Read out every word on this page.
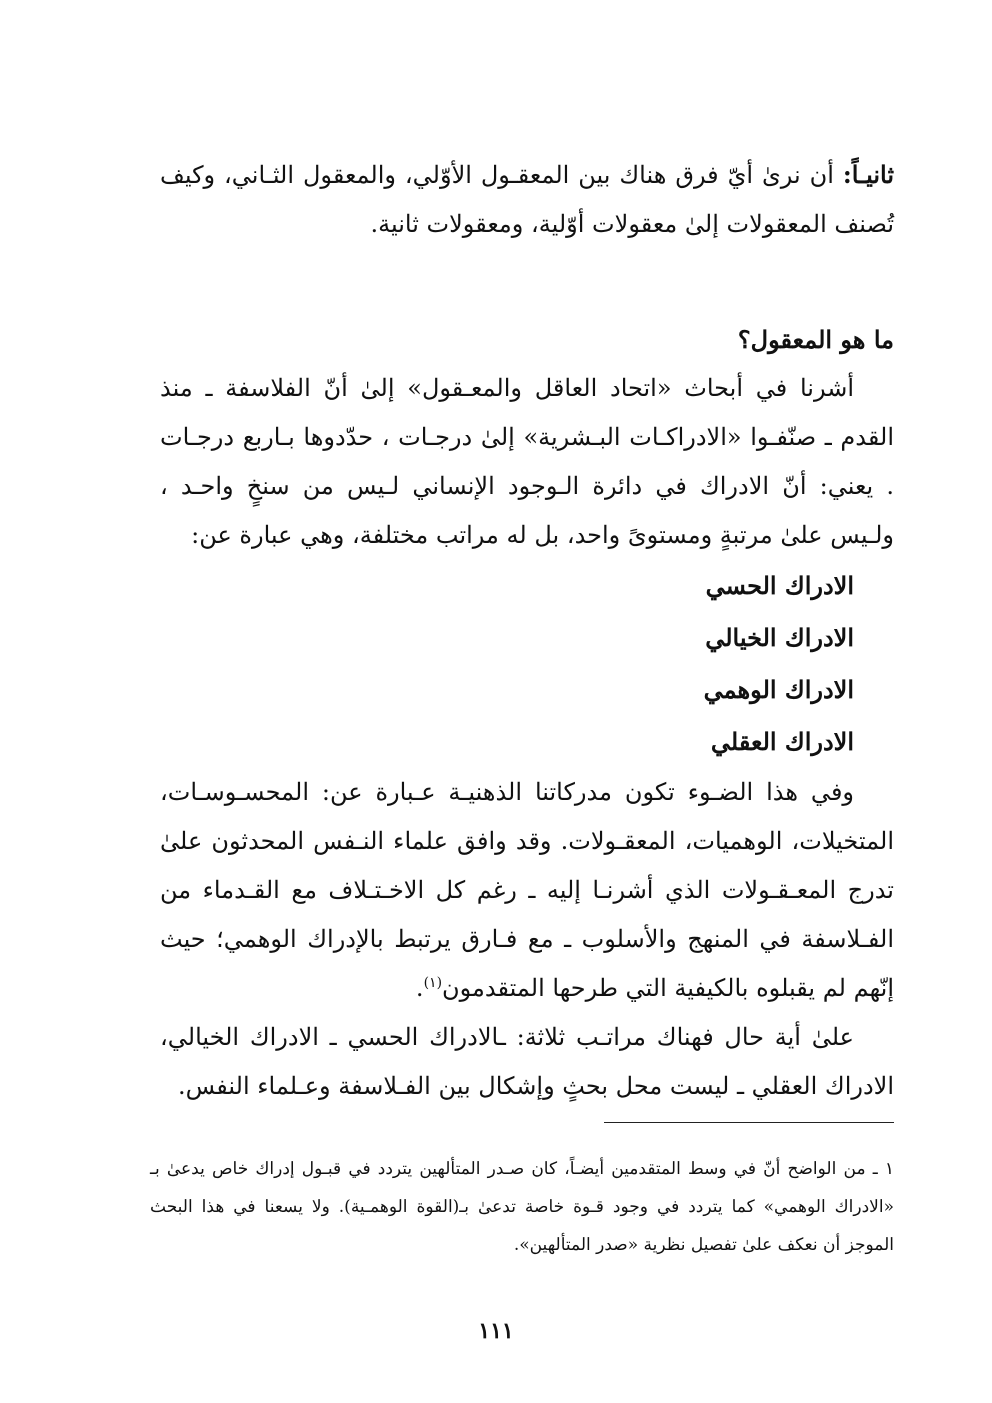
ثانيـاً: أن نرىٰ أيّ فرق هناك بين المعقـول الأوّلي، والمعقول الثـاني، وكيف تُصنف المعقولات إلىٰ معقولات أوّلية، ومعقولات ثانية.

ما هو المعقول؟

أشرنا في أبحاث «اتحاد العاقل والمعـقول» إلىٰ أنّ الفلاسفة ـ منذ القدم ـ صنّفـوا «الادراكـات البـشرية» إلىٰ درجـات ، حدّدوها بـاربع درجـات . يعني: أنّ الادراك في دائرة الـوجود الإنساني لـيس من سنخٍ واحـد ، ولـيس علىٰ مرتبةٍ ومستوىً واحد، بل له مراتب مختلفة، وهي عبارة عن:

الادراك الحسي
الادراك الخيالي
الادراك الوهمي
الادراك العقلي

وفي هذا الضـوء تكون مدركاتنا الذهنيـة عـبارة عن: المحسـوسـات، المتخيلات، الوهميات، المعقـولات. وقد وافق علماء النـفس المحدثون علىٰ تدرج المعـقـولات الذي أشرنـا إليه ـ رغم كل الاخـتـلاف مع القـدماء من الفـلاسفة في المنهج والأسلوب ـ مع فـارق يرتبط بالإدراك الوهمي؛ حيث إنّهم لم يقبلوه بالكيفية التي طرحها المتقدمون$^{(١)}$.

علىٰ أية حال فهناك مراتـب ثلاثة: ـالادراك الحسي ـ الادراك الخيالي، الادراك العقلي ـ ليست محل بحثٍ وإشكال بين الفـلاسفة وعـلماء النفس.

١ ـ من الواضح أنّ في وسط المتقدمين أيضـاً، كان صـدر المتألهين يتردد في قبـول إدراك خاص يدعىٰ بـ «الادراك الوهمي» كما يتردد في وجود قـوة خاصة تدعىٰ بـ(القوة الوهمـية). ولا يسعنا في هذا البحث الموجز أن نعكف علىٰ تفصيل نظرية «صدر المتألهين».

١١١
